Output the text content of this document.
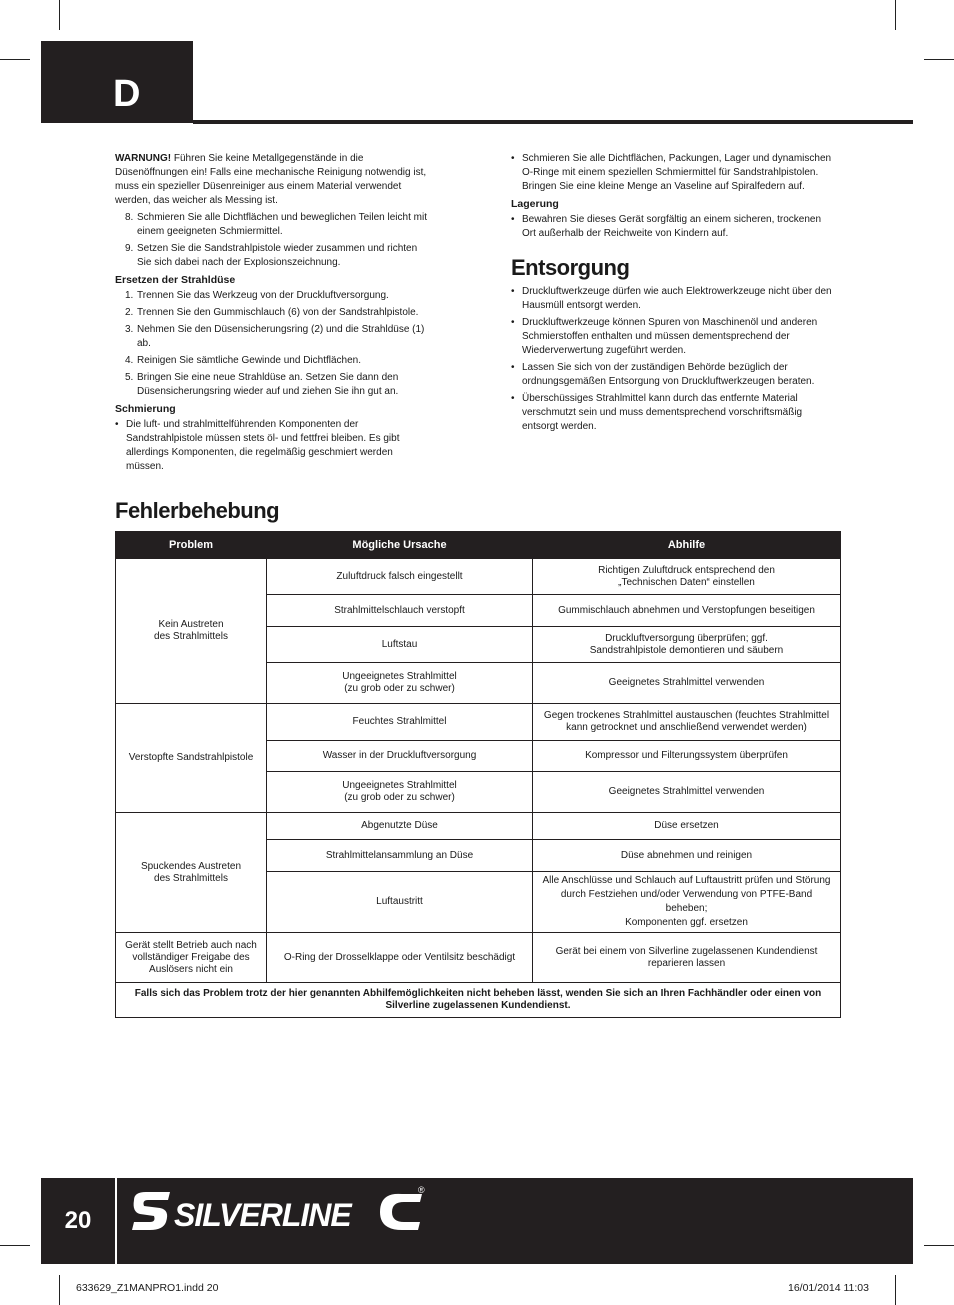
D

WARNUNG! Führen Sie keine Metallgegenstände in die Düsenöffnungen ein! Falls eine mechanische Reinigung notwendig ist, muss ein spezieller Düsenreiniger aus einem Material verwendet werden, das weicher als Messing ist.

8. Schmieren Sie alle Dichtflächen und beweglichen Teilen leicht mit einem geeigneten Schmiermittel.
9. Setzen Sie die Sandstrahlpistole wieder zusammen und richten Sie sich dabei nach der Explosionszeichnung.
Ersetzen der Strahldüse
1. Trennen Sie das Werkzeug von der Druckluftversorgung.
2. Trennen Sie den Gummischlauch (6) von der Sandstrahlpistole.
3. Nehmen Sie den Düsensicherungsring (2) und die Strahldüse (1) ab.
4. Reinigen Sie sämtliche Gewinde und Dichtflächen.
5. Bringen Sie eine neue Strahldüse an. Setzen Sie dann den Düsensicherungsring wieder auf und ziehen Sie ihn gut an.
Schmierung
• Die luft- und strahlmittelführenden Komponenten der Sandstrahlpistole müssen stets öl- und fettfrei bleiben. Es gibt allerdings Komponenten, die regelmäßig geschmiert werden müssen.
• Schmieren Sie alle Dichtflächen, Packungen, Lager und dynamischen O-Ringe mit einem speziellen Schmiermittel für Sandstrahlpistolen. Bringen Sie eine kleine Menge an Vaseline auf Spiralfedern auf.
Lagerung
• Bewahren Sie dieses Gerät sorgfältig an einem sicheren, trockenen Ort außerhalb der Reichweite von Kindern auf.
Entsorgung
• Druckluftwerkzeuge dürfen wie auch Elektrowerkzeuge nicht über den Hausmüll entsorgt werden.
• Druckluftwerkzeuge können Spuren von Maschinenöl und anderen Schmierstoffen enthalten und müssen dementsprechend der Wiederverwertung zugeführt werden.
• Lassen Sie sich von der zuständigen Behörde bezüglich der ordnungsgemäßen Entsorgung von Druckluftwerkzeugen beraten.
• Überschüssiges Strahlmittel kann durch das entfernte Material verschmutzt sein und muss dementsprechend vorschriftsmäßig entsorgt werden.
Fehlerbehebung
Problem	Mögliche Ursache	Abhilfe
Kein Austreten
des Strahlmittels	Zuluftdruck falsch eingestellt	Richtigen Zuluftdruck entsprechend den
„Technischen Daten“ einstellen
	Strahlmittelschlauch verstopft	Gummischlauch abnehmen und Verstopfungen beseitigen
	Luftstau	Druckluftversorgung überprüfen; ggf.
Sandstrahlpistole demontieren und säubern
	Ungeeignetes Strahlmittel
(zu grob oder zu schwer)	Geeignetes Strahlmittel verwenden
Verstopfte Sandstrahlpistole	Feuchtes Strahlmittel	Gegen trockenes Strahlmittel austauschen (feuchtes Strahlmittel
kann getrocknet und anschließend verwendet werden)
	Wasser in der Druckluftversorgung	Kompressor und Filterungssystem überprüfen
	Ungeeignetes Strahlmittel
(zu grob oder zu schwer)	Geeignetes Strahlmittel verwenden
Spuckendes Austreten
des Strahlmittels	Abgenutzte Düse	Düse ersetzen
	Strahlmittelansammlung an Düse	Düse abnehmen und reinigen
	Luftaustritt	Alle Anschlüsse und Schlauch auf Luftaustritt prüfen und Störung
durch Festziehen und/oder Verwendung von PTFE-Band beheben;
Komponenten ggf. ersetzen
Gerät stellt Betrieb auch nach
vollständiger Freigabe des
Auslösers nicht ein	O-Ring der Drosselklappe oder Ventilsitz beschädigt	Gerät bei einem von Silverline zugelassenen Kundendienst
reparieren lassen
Falls sich das Problem trotz der hier genannten Abhilfemöglichkeiten nicht beheben lässt, wenden Sie sich an Ihren Fachhändler oder einen von
Silverline zugelassenen Kundendienst.		
20	SILVERLINE
®
633629_Z1MANPRO1.indd 20	16/01/2014 11:03
